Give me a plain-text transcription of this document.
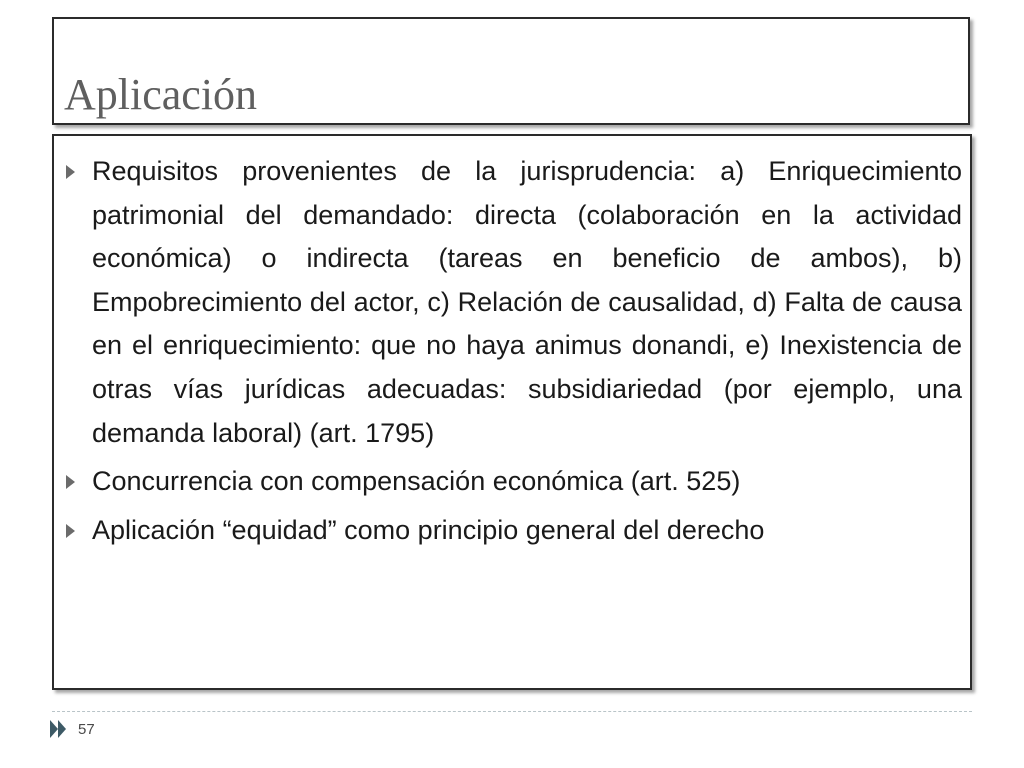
Aplicación
Requisitos provenientes de la jurisprudencia: a) Enriquecimiento patrimonial del demandado: directa (colaboración en la actividad económica) o indirecta (tareas en beneficio de ambos), b) Empobrecimiento del actor, c) Relación de causalidad, d) Falta de causa en el enriquecimiento: que no haya animus donandi, e) Inexistencia de otras vías jurídicas adecuadas: subsidiariedad (por ejemplo, una demanda laboral) (art. 1795)
Concurrencia con compensación económica (art. 525)
Aplicación “equidad” como principio general del derecho
57
